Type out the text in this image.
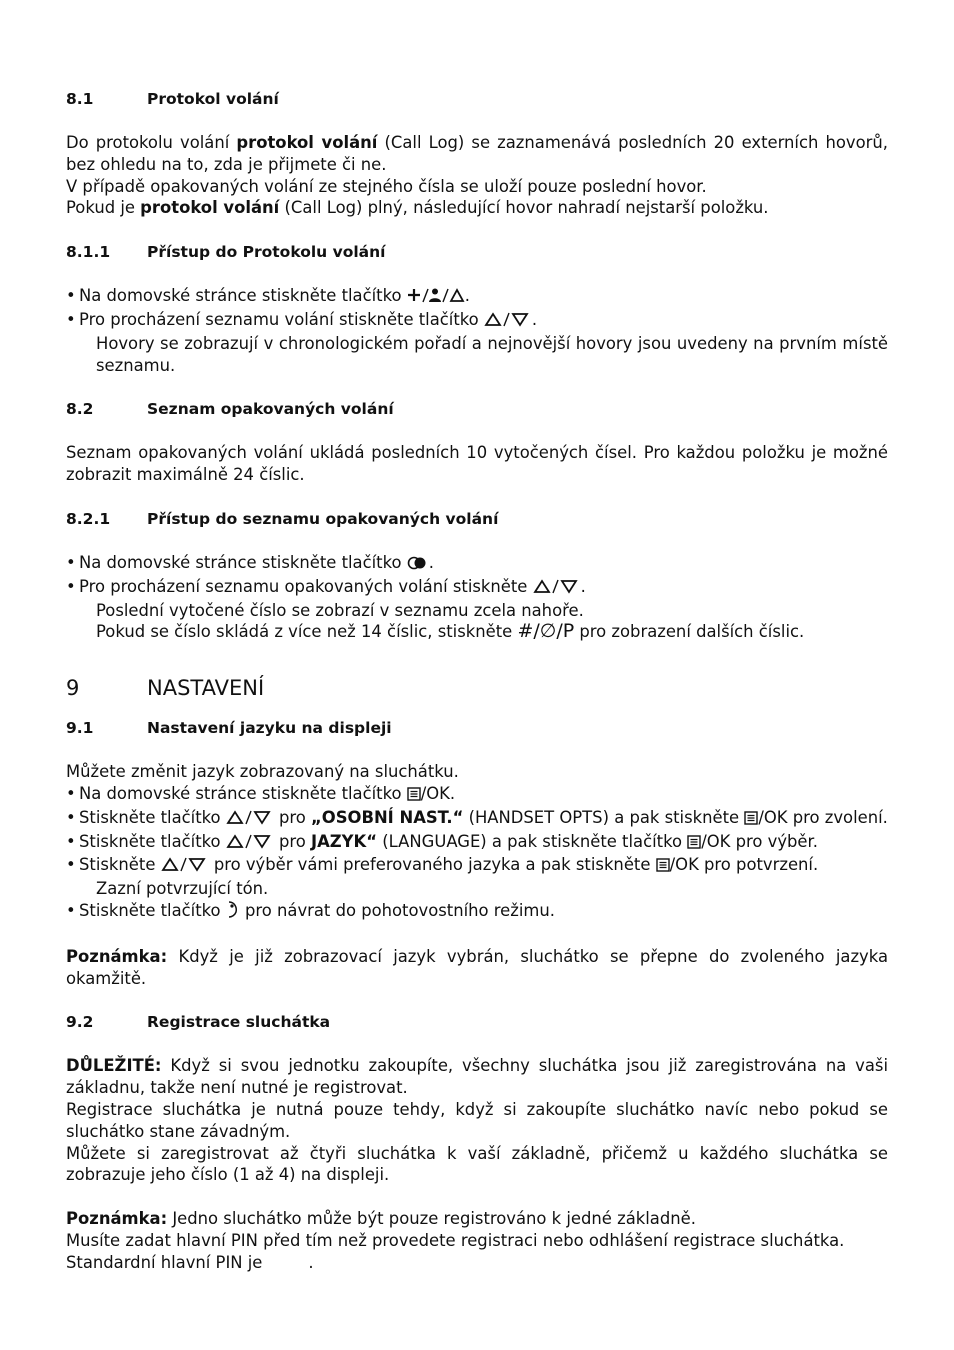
8.1	Protokol volání

Do protokolu volání protokol volání (Call Log) se zaznamenává posledních 20 externích hovorů, bez ohledu na to, zda je přijmete či ne.

V případě opakovaných volání ze stejného čísla se uloží pouze poslední hovor.

Pokud je protokol volání (Call Log) plný, následující hovor nahradí nejstarší položku.

8.1.1	Přístup do Protokolu volání

• Na domovské stránce stiskněte tlačítko	.

• Pro procházení seznamu volání stiskněte tlačítko	.

Hovory se zobrazují v chronologickém pořadí a nejnovější hovory jsou uvedeny na prvním místě seznamu.

8.2	Seznam opakovaných volání

Seznam opakovaných volání ukládá posledních 10 vytočených čísel. Pro každou položku je možné zobrazit maximálně 24 číslic.

8.2.1	Přístup do seznamu opakovaných volání

• Na domovské stránce stiskněte tlačítko .

• Pro procházení seznamu opakovaných volání stiskněte	.

Poslední vytočené číslo se zobrazí v seznamu zcela nahoře.

Pokud se číslo skládá z více než 14 číslic, stiskněte #/∅/P pro zobrazení dalších číslic.

9	NASTAVENÍ
9.1	Nastavení jazyku na displeji

Můžete změnit jazyk zobrazovaný na sluchátku.

• Na domovské stránce stiskněte tlačítko /OK.

• Stiskněte tlačítko	pro „OSOBNÍ NAST.“ (HANDSET OPTS) a pak stiskněte /OK pro zvolení.

• Stiskněte tlačítko	pro JAZYK“ (LANGUAGE) a pak stiskněte tlačítko /OK pro výběr.

• Stiskněte	pro výběr vámi preferovaného jazyka a pak stiskněte /OK pro potvrzení.

Zazní potvrzující tón.

• Stiskněte tlačítko  pro návrat do pohotovostního režimu.

Poznámka: Když je již zobrazovací jazyk vybrán, sluchátko se přepne do zvoleného jazyka okamžitě.

9.2	Registrace sluchátka

DŮLEŽITÉ: Když si svou jednotku zakoupíte, všechny sluchátka jsou již zaregistrována na vaši základnu, takže není nutné je registrovat.

Registrace sluchátka je nutná pouze tehdy, když si zakoupíte sluchátko navíc nebo pokud se sluchátko stane závadným.

Můžete si zaregistrovat až čtyři sluchátka k vaší základně, přičemž u každého sluchátka se zobrazuje jeho číslo (1 až 4) na displeji.

Poznámka: Jedno sluchátko může být pouze registrováno k jedné základně.

Musíte zadat hlavní PIN před tím než provedete registraci nebo odhlášení registrace sluchátka.

Standardní hlavní PIN je	.
